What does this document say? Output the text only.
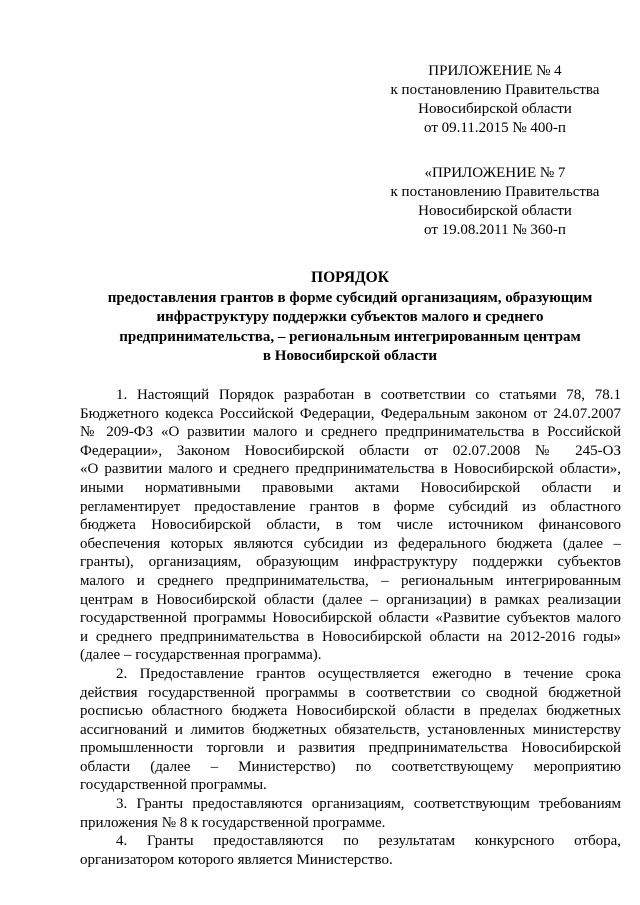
ПРИЛОЖЕНИЕ № 4
к постановлению Правительства
Новосибирской области
от 09.11.2015 № 400-п
«ПРИЛОЖЕНИЕ № 7
к постановлению Правительства
Новосибирской области
от 19.08.2011 № 360-п
ПОРЯДОК
предоставления грантов в форме субсидий организациям, образующим
инфраструктуру поддержки субъектов малого и среднего
предпринимательства, – региональным интегрированным центрам
в Новосибирской области
1. Настоящий Порядок разработан в соответствии со статьями 78, 78.1
Бюджетного кодекса Российской Федерации, Федеральным законом от 24.07.2007
№ 209-ФЗ «О развитии малого и среднего предпринимательства в Российской
Федерации», Законом Новосибирской области от 02.07.2008 № 245-ОЗ
«О развитии малого и среднего предпринимательства в Новосибирской области»,
иными нормативными правовыми актами Новосибирской области и
регламентирует предоставление грантов в форме субсидий из областного
бюджета Новосибирской области, в том числе источником финансового
обеспечения которых являются субсидии из федерального бюджета (далее –
гранты), организациям, образующим инфраструктуру поддержки субъектов
малого и среднего предпринимательства, – региональным интегрированным
центрам в Новосибирской области (далее – организации) в рамках реализации
государственной программы Новосибирской области «Развитие субъектов малого
и среднего предпринимательства в Новосибирской области на 2012-2016 годы»
(далее – государственная программа).
2. Предоставление грантов осуществляется ежегодно в течение срока
действия государственной программы в соответствии со сводной бюджетной
росписью областного бюджета Новосибирской области в пределах бюджетных
ассигнований и лимитов бюджетных обязательств, установленных министерству
промышленности торговли и развития предпринимательства Новосибирской
области (далее – Министерство) по соответствующему мероприятию
государственной программы.
3. Гранты предоставляются организациям, соответствующим требованиям
приложения № 8 к государственной программе.
4. Гранты предоставляются по результатам конкурсного отбора,
организатором которого является Министерство.
